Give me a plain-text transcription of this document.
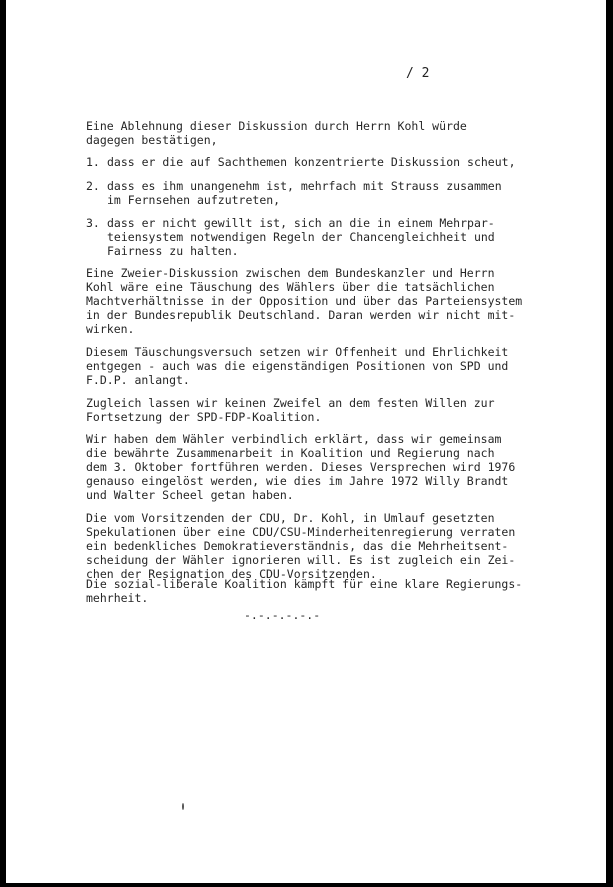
/ 2
Eine Ablehnung dieser Diskussion durch Herrn Kohl würde
dagegen bestätigen,
1. dass er die auf Sachthemen konzentrierte Diskussion scheut,
2. dass es ihm unangenehm ist, mehrfach mit Strauss zusammen
im Fernsehen aufzutreten,
3. dass er nicht gewillt ist, sich an die in einem Mehrpar-
teiensystem notwendigen Regeln der Chancengleichheit und
Fairness zu halten.
Eine Zweier-Diskussion zwischen dem Bundeskanzler und Herrn
Kohl wäre eine Täuschung des Wählers über die tatsächlichen
Machtverhältnisse in der Opposition und über das Parteiensystem
in der Bundesrepublik Deutschland. Daran werden wir nicht mit-
wirken.
Diesem Täuschungsversuch setzen wir Offenheit und Ehrlichkeit
entgegen - auch was die eigenständigen Positionen von SPD und
F.D.P. anlangt.
Zugleich lassen wir keinen Zweifel an dem festen Willen zur
Fortsetzung der SPD-FDP-Koalition.
Wir haben dem Wähler verbindlich erklärt, dass wir gemeinsam
die bewährte Zusammenarbeit in Koalition und Regierung nach
dem 3. Oktober fortführen werden. Dieses Versprechen wird 1976
genauso eingelöst werden, wie dies im Jahre 1972 Willy Brandt
und Walter Scheel getan haben.
Die vom Vorsitzenden der CDU, Dr. Kohl, in Umlauf gesetzten
Spekulationen über eine CDU/CSU-Minderheitenregierung verraten
ein bedenkliches Demokratieverständnis, das die Mehrheitsent-
scheidung der Wähler ignorieren will. Es ist zugleich ein Zei-
chen der Resignation des CDU-Vorsitzenden.
Die sozial-liberale Koalition kämpft für eine klare Regierungs-
mehrheit.
-.-.-.-.-.-
